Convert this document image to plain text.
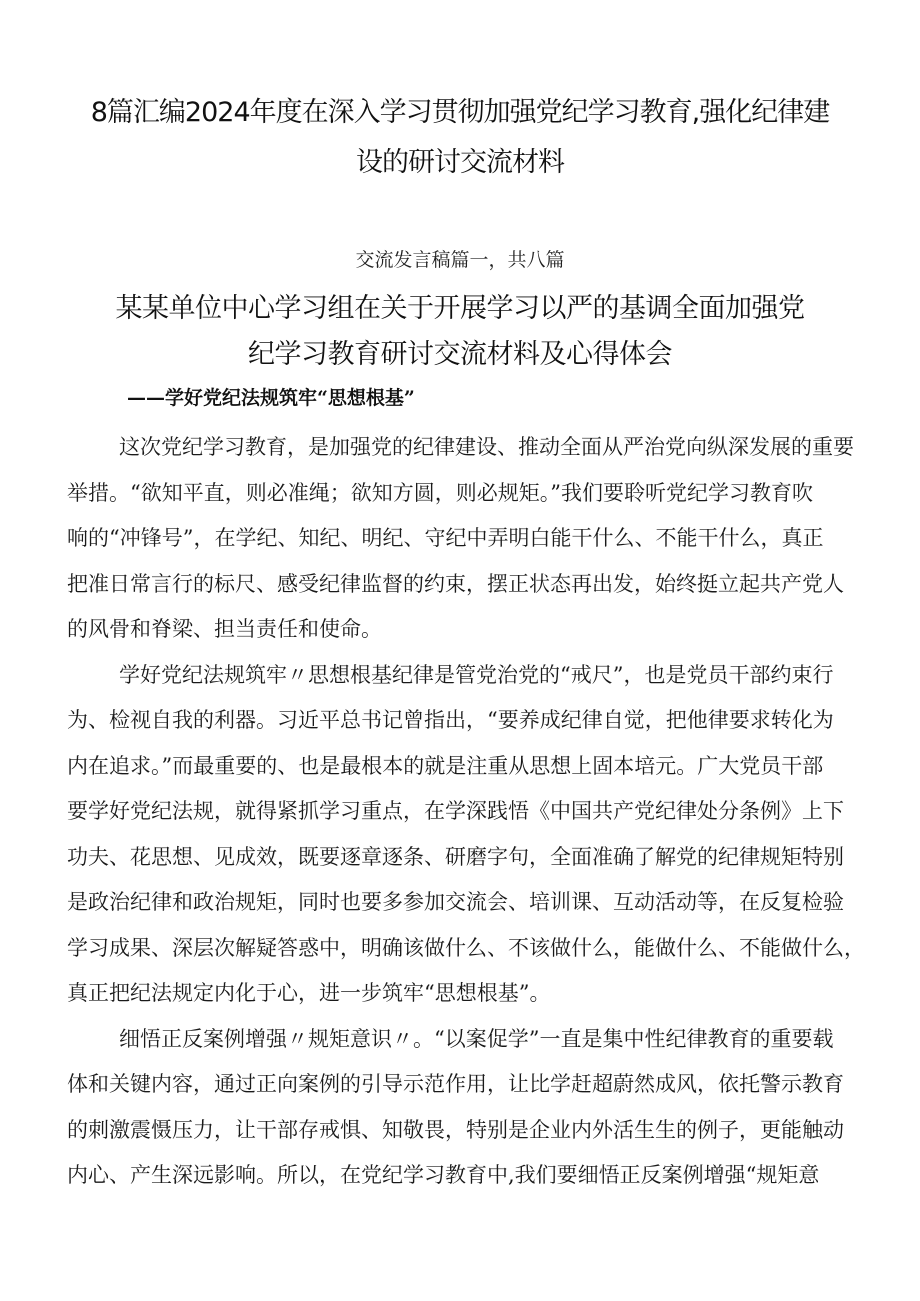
8篇汇编2024年度在深入学习贯彻加强党纪学习教育,强化纪律建
设的研讨交流材料
交流发言稿篇一，共八篇
某某单位中心学习组在关于开展学习以严的基调全面加强党
纪学习教育研讨交流材料及心得体会
——学好党纪法规筑牢“思想根基”
这次党纪学习教育，是加强党的纪律建设、推动全面从严治党向纵深发展的重要
举措。“欲知平直，则必准绳；欲知方圆，则必规矩。”我们要聆听党纪学习教育吹
响的“冲锋号”，在学纪、知纪、明纪、守纪中弄明白能干什么、不能干什么，真正
把准日常言行的标尺、感受纪律监督的约束，摆正状态再出发，始终挺立起共产党人
的风骨和脊梁、担当责任和使命。
学好党纪法规筑牢〃思想根基纪律是管党治党的“戒尺”，也是党员干部约束行
为、检视自我的利器。习近平总书记曾指出，“要养成纪律自觉，把他律要求转化为
内在追求。”而最重要的、也是最根本的就是注重从思想上固本培元。广大党员干部
要学好党纪法规，就得紧抓学习重点，在学深践悟《中国共产党纪律处分条例》上下
功夫、花思想、见成效，既要逐章逐条、研磨字句，全面准确了解党的纪律规矩特别
是政治纪律和政治规矩，同时也要多参加交流会、培训课、互动活动等，在反复检验
学习成果、深层次解疑答惑中，明确该做什么、不该做什么，能做什么、不能做什么，
真正把纪法规定内化于心，进一步筑牢“思想根基”。
细悟正反案例增强〃规矩意识〃。“以案促学”一直是集中性纪律教育的重要载
体和关键内容，通过正向案例的引导示范作用，让比学赶超蔚然成风，依托警示教育
的刺激震慑压力，让干部存戒惧、知敬畏，特别是企业内外活生生的例子，更能触动
内心、产生深远影响。所以，在党纪学习教育中,我们要细悟正反案例增强“规矩意
